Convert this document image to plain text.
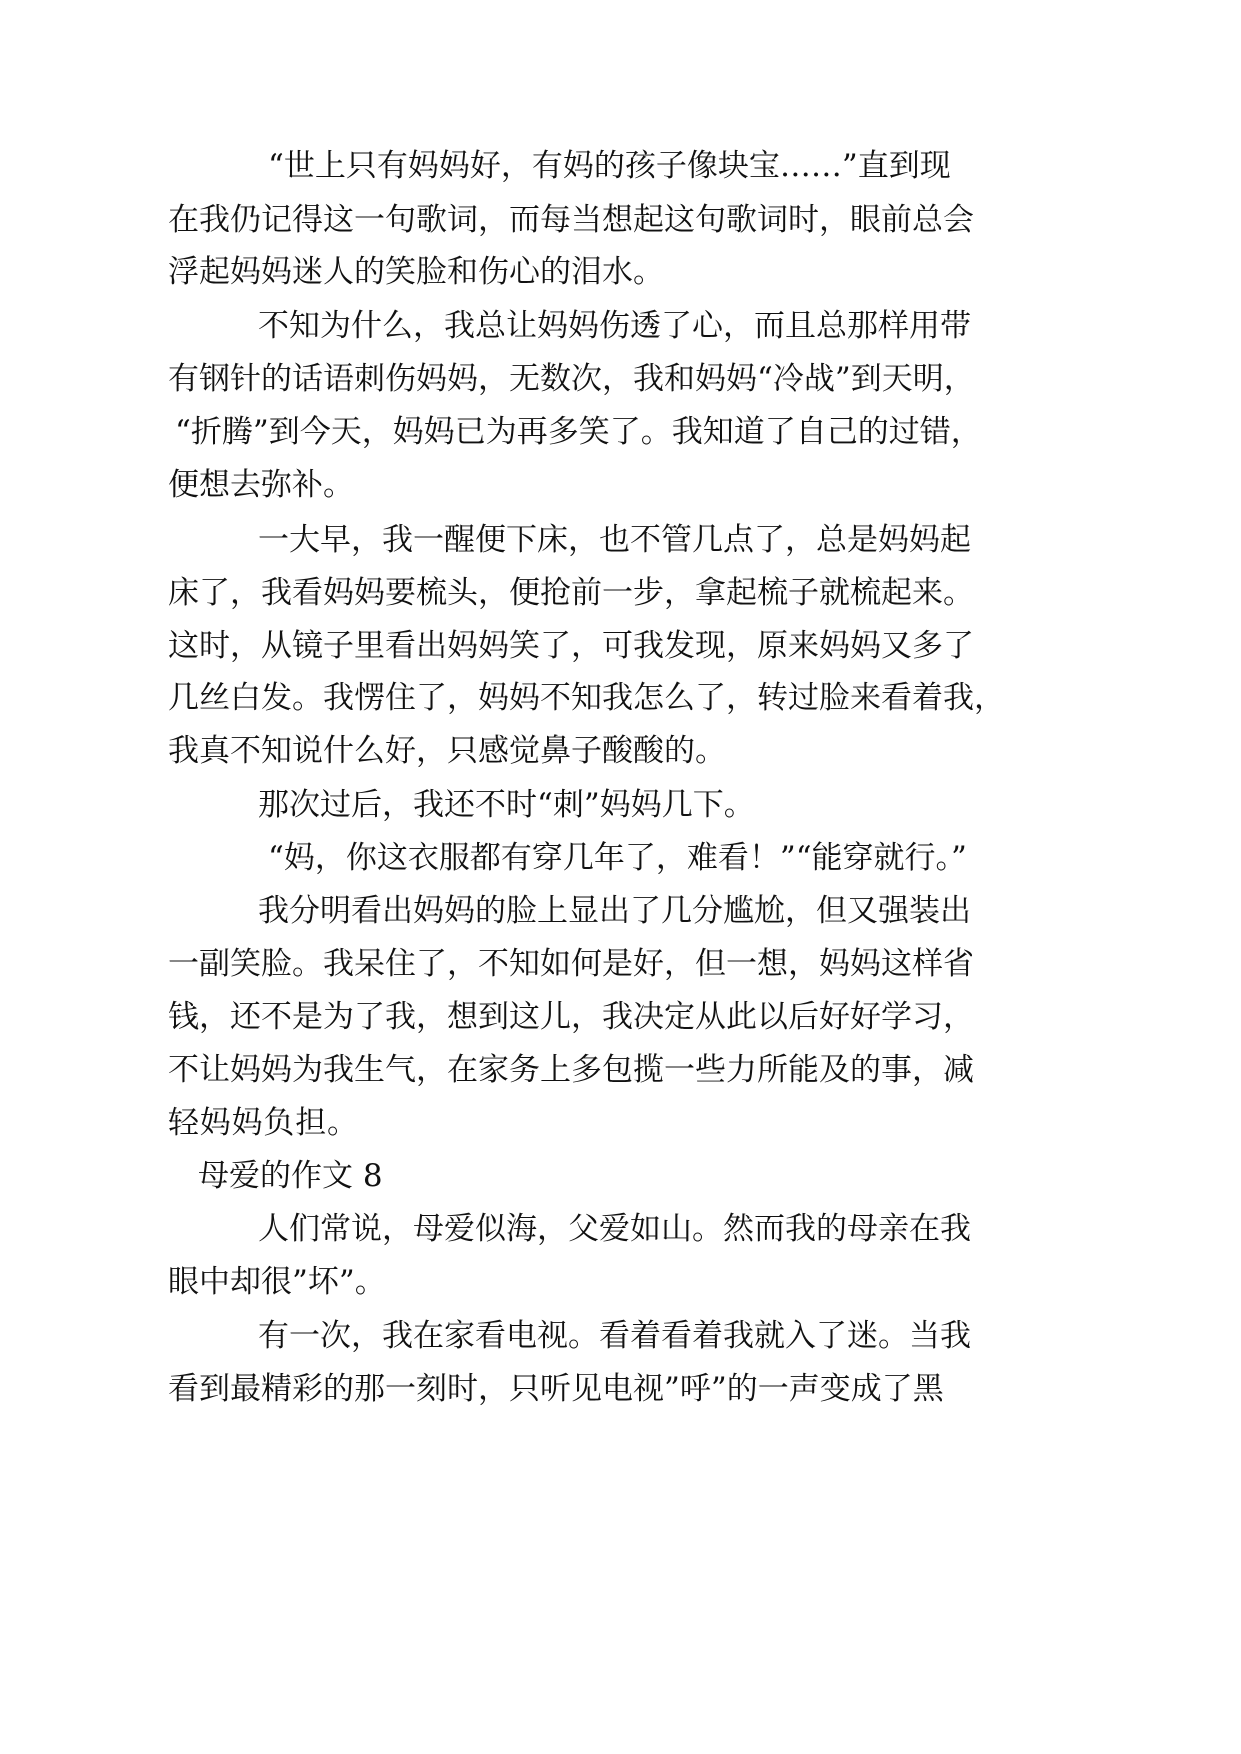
“世上只有妈妈好，有妈的孩子像块宝……”直到现
在我仍记得这一句歌词，而每当想起这句歌词时，眼前总会
浮起妈妈迷人的笑脸和伤心的泪水。
不知为什么，我总让妈妈伤透了心，而且总那样用带
有钢针的话语刺伤妈妈，无数次，我和妈妈“冷战”到天明，
“折腾”到今天，妈妈已为再多笑了。我知道了自己的过错，
便想去弥补。
一大早，我一醒便下床，也不管几点了，总是妈妈起
床了，我看妈妈要梳头，便抢前一步，拿起梳子就梳起来。
这时，从镜子里看出妈妈笑了，可我发现，原来妈妈又多了
几丝白发。我愣住了，妈妈不知我怎么了，转过脸来看着我，
我真不知说什么好，只感觉鼻子酸酸的。
那次过后，我还不时“刺”妈妈几下。
“妈，你这衣服都有穿几年了，难看！”“能穿就行。”
我分明看出妈妈的脸上显出了几分尴尬，但又强装出
一副笑脸。我呆住了，不知如何是好，但一想，妈妈这样省
钱，还不是为了我，想到这儿，我决定从此以后好好学习，
不让妈妈为我生气，在家务上多包揽一些力所能及的事，减
轻妈妈负担。
母爱的作文 8
人们常说，母爱似海，父爱如山。然而我的母亲在我
眼中却很”坏”。
有一次，我在家看电视。看着看着我就入了迷。当我
看到最精彩的那一刻时，只听见电视”呼”的一声变成了黑
